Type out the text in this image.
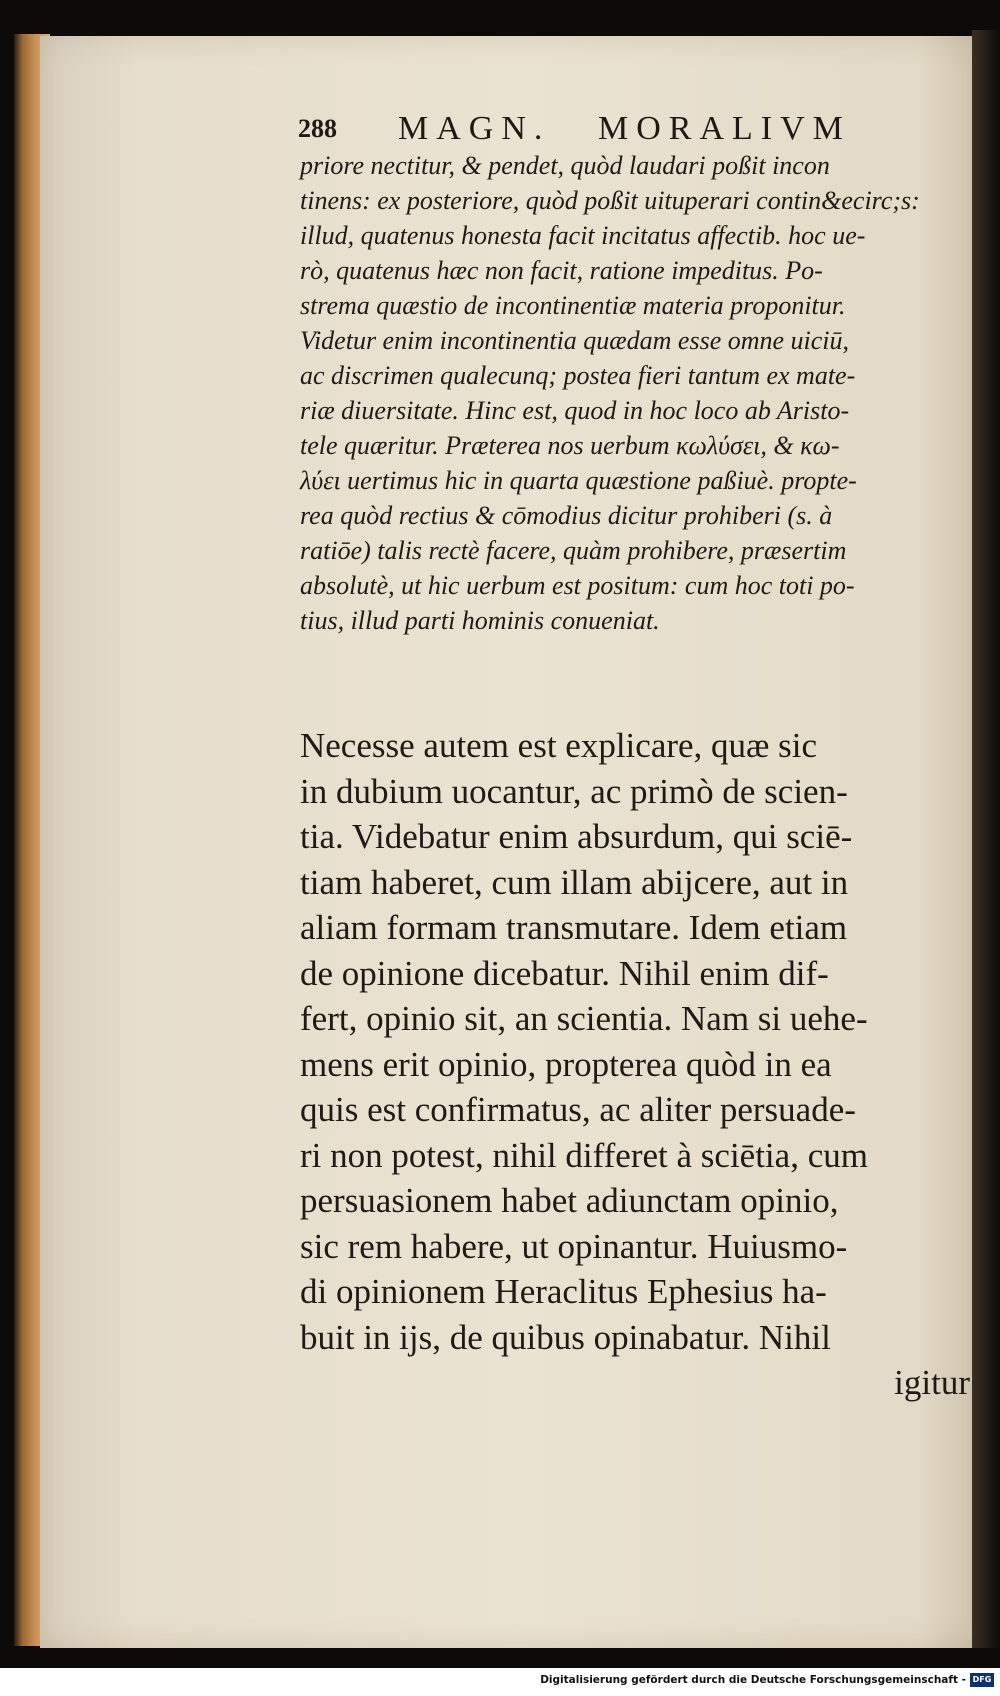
288 MAGN. MORALIVM
priore nectitur, & pendet, quòd laudari poßit incon
tinens: ex posteriore, quòd poßit uituperari contin&ecirc;s:
illud, quatenus honesta facit incitatus affectib. hoc ue-
rò, quatenus hæc non facit, ratione impeditus. Po-
strema quæstio de incontinentiæ materia proponitur.
Videtur enim incontinentia quædam esse omne uiciū,
ac discrimen qualecunq; postea fieri tantum ex mate-
riæ diuersitate. Hinc est, quod in hoc loco ab Aristo-
tele quæritur. Præterea nos uerbum κωλύσει, & κω-
λύει uertimus hic in quarta quæstione paßiuè. propte-
rea quòd rectius & cōmodius dicitur prohiberi (s. à
ratiōe) talis rectè facere, quàm prohibere, præsertim
absolutè, ut hic uerbum est positum: cum hoc toti po-
tius, illud parti hominis conueniat.
Necesse autem est explicare, quæ sic
in dubium uocantur, ac primò de scien-
tia. Videbatur enim absurdum, qui sciē-
tiam haberet, cum illam abijcere, aut in
aliam formam transmutare. Idem etiam
de opinione dicebatur. Nihil enim dif-
fert, opinio sit, an scientia. Nam si uehe-
mens erit opinio, propterea quòd in ea
quis est confirmatus, ac aliter persuade-
ri non potest, nihil differet à sciētia, cum
persuasionem habet adiunctam opinio,
sic rem habere, ut opinantur. Huiusmo-
di opinionem Heraclitus Ephesius ha-
buit in ijs, de quibus opinabatur. Nihil
igitur
Digitalisierung gefördert durch die Deutsche Forschungsgemeinschaft - DFG
